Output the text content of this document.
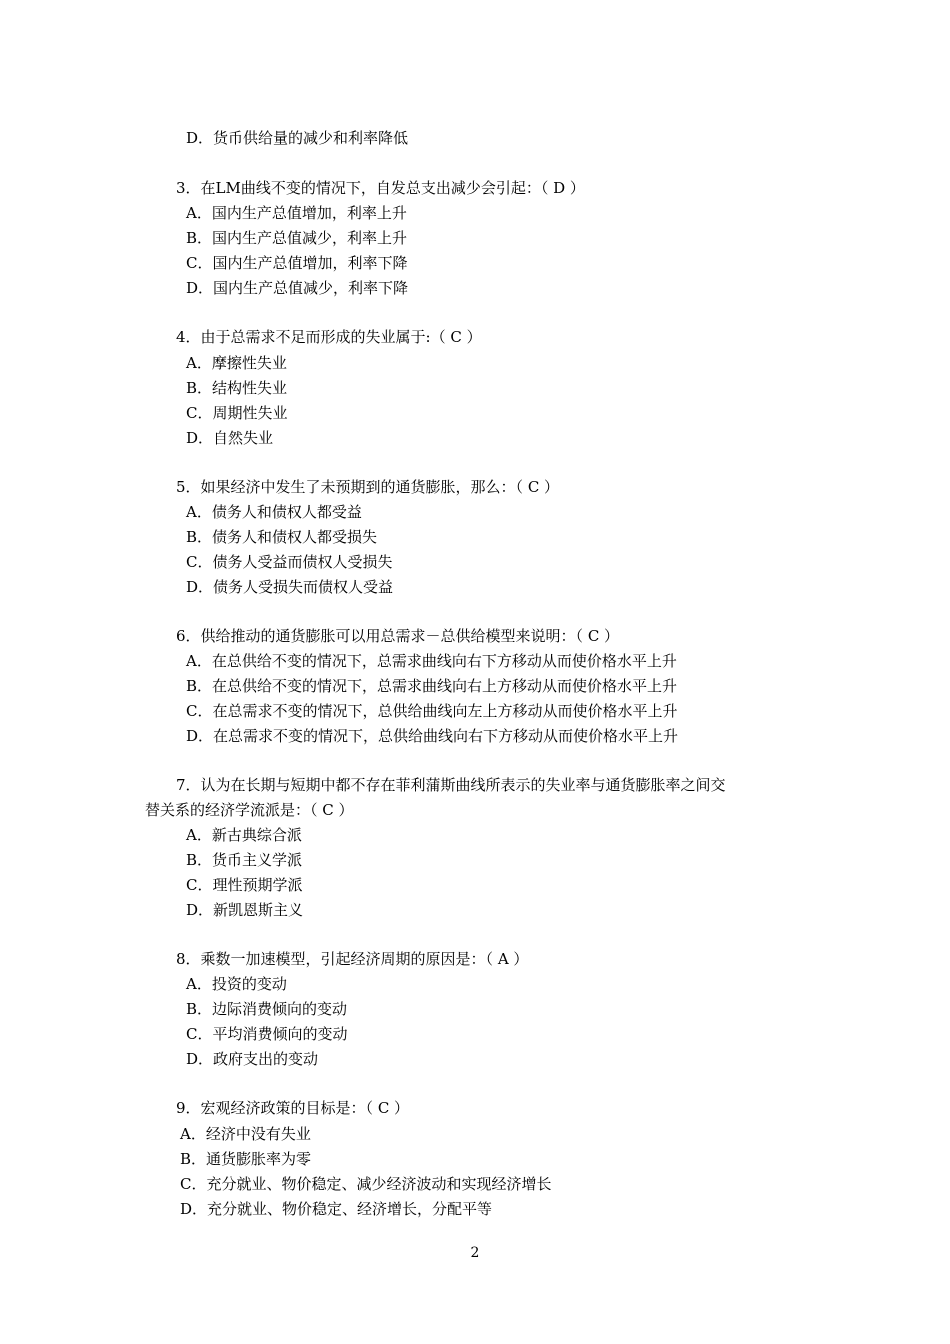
D．货币供给量的减少和利率降低
3．在LM曲线不变的情况下，自发总支出减少会引起：（ D ）
A．国内生产总值增加，利率上升
B．国内生产总值减少，利率上升
C．国内生产总值增加，利率下降
D．国内生产总值减少，利率下降
4．由于总需求不足而形成的失业属于:（ C ）
A．摩擦性失业
B．结构性失业
C．周期性失业
D．自然失业
5．如果经济中发生了未预期到的通货膨胀，那么：（ C ）
A．债务人和债权人都受益
B．债务人和债权人都受损失
C．债务人受益而债权人受损失
D．债务人受损失而债权人受益
6．供给推动的通货膨胀可以用总需求－总供给模型来说明：（ C ）
A．在总供给不变的情况下，总需求曲线向右下方移动从而使价格水平上升
B．在总供给不变的情况下，总需求曲线向右上方移动从而使价格水平上升
C．在总需求不变的情况下，总供给曲线向左上方移动从而使价格水平上升
D．在总需求不变的情况下，总供给曲线向右下方移动从而使价格水平上升
7．认为在长期与短期中都不存在菲利蒲斯曲线所表示的失业率与通货膨胀率之间交
替关系的经济学流派是：（ C ）
A．新古典综合派
B．货币主义学派
C．理性预期学派
D．新凯恩斯主义
8．乘数一加速模型，引起经济周期的原因是：（ A ）
A．投资的变动
B．边际消费倾向的变动
C．平均消费倾向的变动
D．政府支出的变动
9．宏观经济政策的目标是：（ C ）
A．经济中没有失业
B．通货膨胀率为零
C．充分就业、物价稳定、减少经济波动和实现经济增长
D．充分就业、物价稳定、经济增长，分配平等
2
